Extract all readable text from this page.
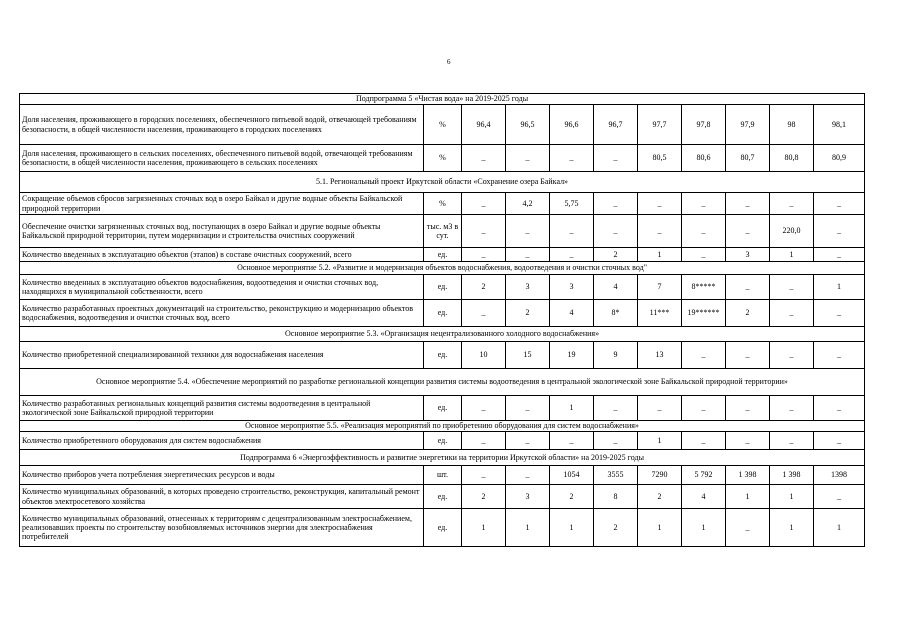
6
Подпрограмма 5 «Чистая вода» на 2019-2025 годы										
Доля населения, проживающего в городских поселениях, обеспеченного питьевой водой, отвечающей требованиям безопасности, в общей численности населения, проживающего в городских поселениях	%	96,4	96,5	96,6	96,7	97,7	97,8	97,9	98	98,1
Доля населения, проживающего в сельских поселениях, обеспеченного питьевой водой, отвечающей требованиям безопасности, в общей численности населения, проживающего в сельских поселениях	%	_	_	_	_	80,5	80,6	80,7	80,8	80,9
5.1. Региональный проект Иркутской области «Сохранение озера Байкал»										
Сокращение объемов сбросов загрязненных сточных вод в озеро Байкал и другие водные объекты Байкальской природной территории	%	_	4,2	5,75	_	_	_	_	_	_
Обеспечение очистки загрязненных сточных вод, поступающих в озеро Байкал и другие водные объекты Байкальской природной территории, путем модернизации и строительства очистных сооружений	тыс. м3 в сут.	_	_	_	_	_	_	_	220,0	_
Количество введенных в эксплуатацию объектов (этапов) в составе очистных сооружений, всего	ед.	_	_	_	2	1	_	3	1	_
Основное мероприятие 5.2. «Развитие и модернизация объектов водоснабжения, водоотведения и очистки сточных вод"										
Количество введенных в эксплуатацию объектов водоснабжения, водоотведения и очистки сточных вод, находящихся в муниципальной собственности, всего	ед.	2	3	3	4	7	8*****	_	_	1
Количество разработанных проектных документаций на строительство, реконструкцию и модернизацию объектов водоснабжения, водоотведения и очистки сточных вод, всего	ед.	_	2	4	8*	11***	19******	2	_	_
Основное мероприятие 5.3. «Организация нецентрализованного холодного водоснабжения»										
Количество приобретенной специализированной техники для водоснабжения населения	ед.	10	15	19	9	13	_	_	_	_
Основное мероприятие 5.4. «Обеспечение мероприятий по разработке региональной концепции развития системы водоотведения в центральной экологической зоне Байкальской природной территории»										
Количество разработанных региональных концепций развития системы водоотведения в центральной экологической зоне Байкальской природной территории	ед.	_	_	1	_	_	_	_	_	_
Основное мероприятие 5.5. «Реализация мероприятий по приобретению оборудования для систем водоснабжения»										
Количество приобретенного оборудования для систем водоснабжения	ед.	_	_	_	_	1	_	_	_	_
Подпрограмма 6 «Энергоэффективность и развитие энергетики на территории Иркутской области» на 2019-2025 годы										
Количество приборов учета потребления энергетических ресурсов и воды	шт.	_	_	1054	3555	7290	5 792	1 398	1 398	1398
Количество муниципальных образований, в которых проведено строительство, реконструкция, капитальный ремонт объектов электросетевого хозяйства	ед.	2	3	2	8	2	4	1	1	_
Количество муниципальных образований, отнесенных к территориям с децентрализованным электроснабжением, реализовавших проекты по строительству возобновляемых источников энергии для электроснабжения потребителей	ед.	1	1	1	2	1	1	_	1	1
